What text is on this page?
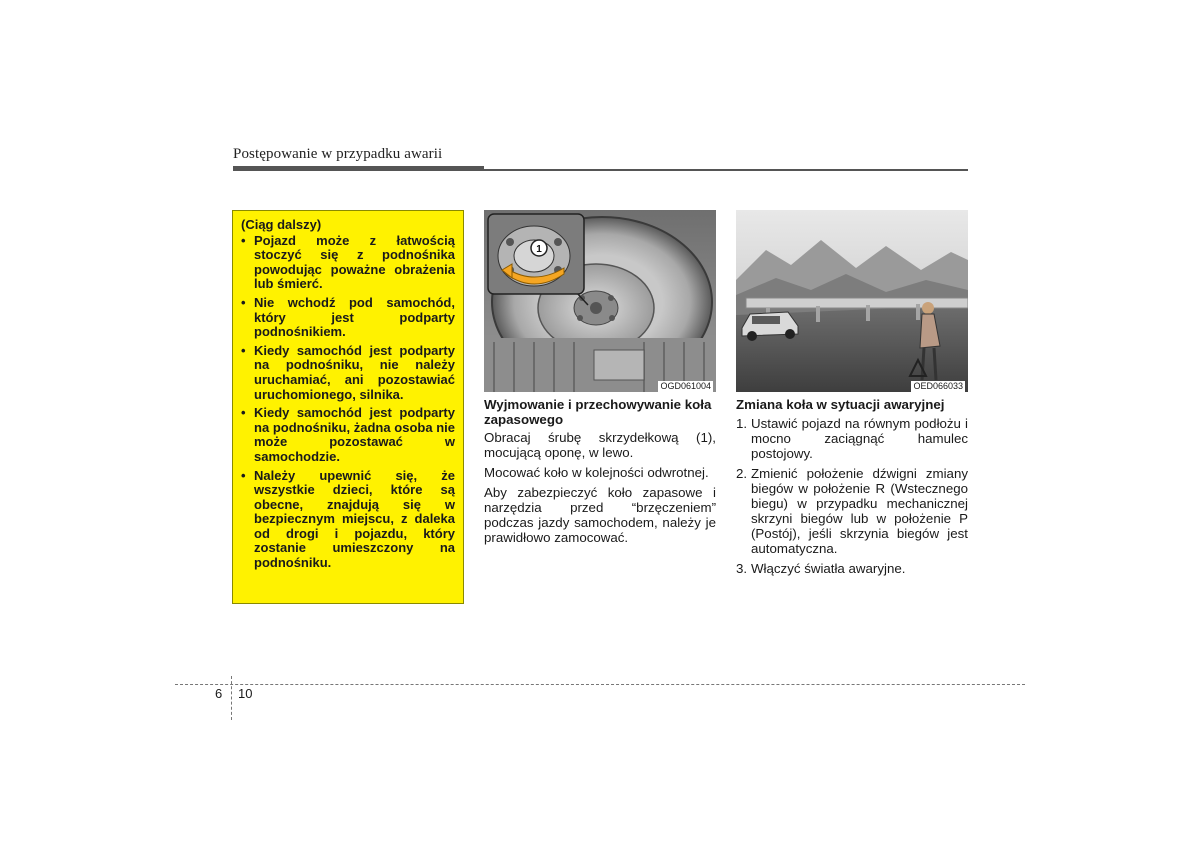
Postępowanie w przypadku awarii
(Ciąg dalszy)
• Pojazd może z łatwością stoczyć się z podnośnika powodując poważne obrażenia lub śmierć.
• Nie wchodź pod samochód, który jest podparty podnośnikiem.
• Kiedy samochód jest podparty na podnośniku, nie należy uruchamiać, ani pozostawiać uruchomionego, silnika.
• Kiedy samochód jest podparty na podnośniku, żadna osoba nie może pozostawać w samochodzie.
• Należy upewnić się, że wszystkie dzieci, które są obecne, znajdują się w bezpiecznym miejscu, z daleka od drogi i pojazdu, który zostanie umieszczony na podnośniku.
1
OGD061004
Wyjmowanie i przechowywanie koła zapasowego

Obracaj śrubę skrzydełkową (1), mocującą oponę, w lewo.

Mocować koło w kolejności odwrotnej.

Aby zabezpieczyć koło zapasowe i narzędzia przed “brzęczeniem” podczas jazdy samochodem, należy je prawidłowo zamocować.

OED066033
Zmiana koła w sytuacji awaryjnej
1. Ustawić pojazd na równym podłożu i mocno zaciągnąć hamulec postojowy.
2. Zmienić położenie dźwigni zmiany biegów w położenie R (Wstecznego biegu) w przypadku mechanicznej skrzyni biegów lub w położenie P (Postój), jeśli skrzynia biegów jest automatyczna.
3. Włączyć światła awaryjne.
6 10
